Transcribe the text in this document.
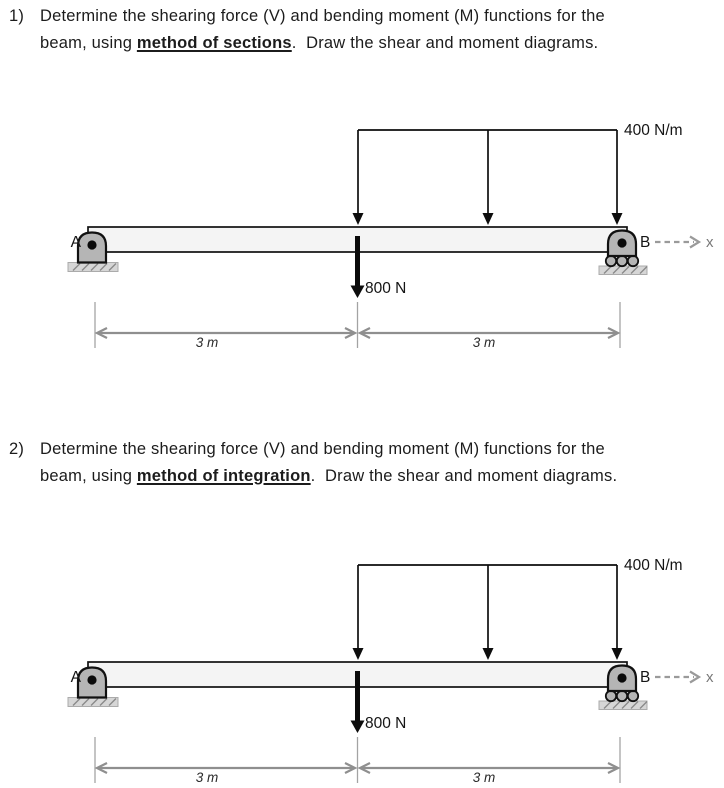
1) Determine the shearing force (V) and bending moment (M) functions for the
beam, using method of sections.  Draw the shear and moment diagrams.
400 N/m
A	B	x
800 N
3 m	3 m
2) Determine the shearing force (V) and bending moment (M) functions for the
beam, using method of integration.  Draw the shear and moment diagrams.
400 N/m
A	B	x
800 N
3 m	3 m
